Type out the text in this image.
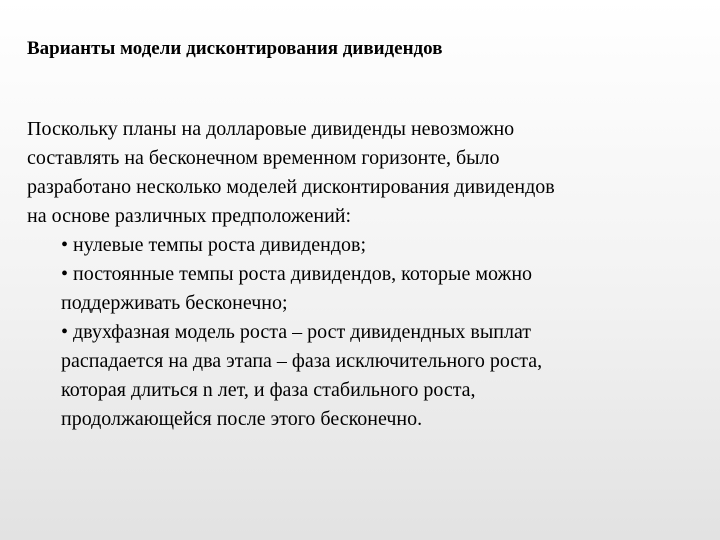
Варианты модели дисконтирования дивидендов
Поскольку планы на долларовые дивиденды невозможно
составлять на бесконечном временном горизонте, было
разработано несколько моделей дисконтирования дивидендов
на основе различных предположений:
• нулевые темпы роста дивидендов;
• постоянные темпы роста дивидендов, которые можно
поддерживать бесконечно;
• двухфазная модель роста – рост дивидендных выплат
распадается на два этапа – фаза исключительного роста,
которая длиться n лет, и фаза стабильного роста,
продолжающейся после этого бесконечно.
